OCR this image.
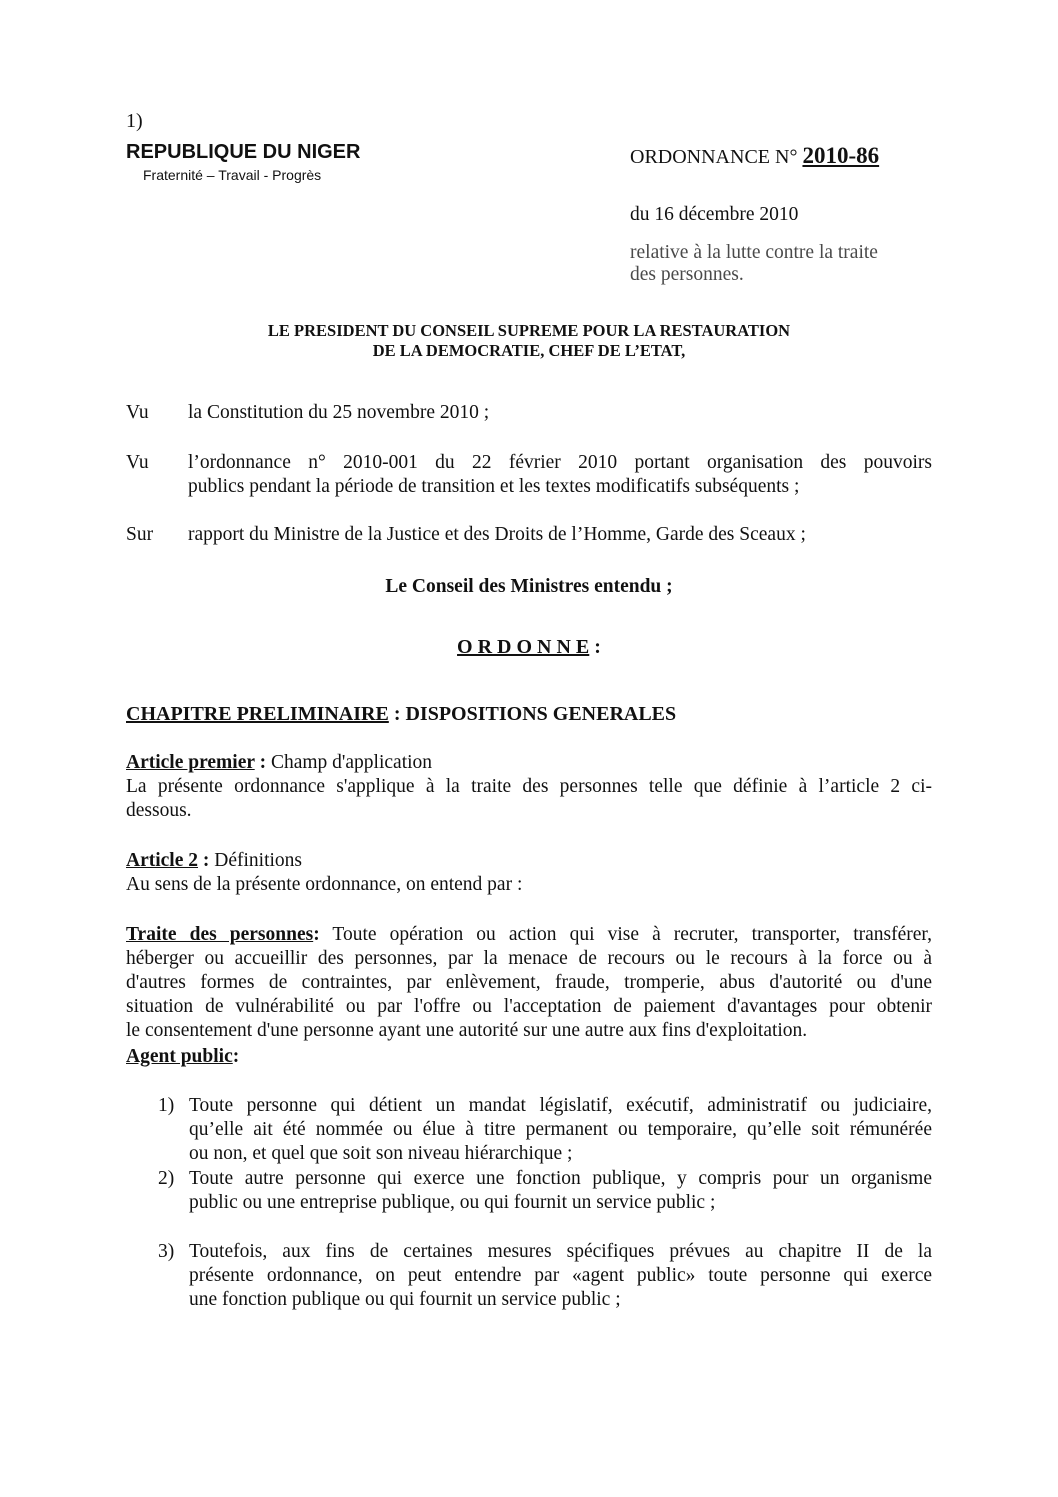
1)
REPUBLIQUE DU NIGER
Fraternité – Travail - Progrès
ORDONNANCE N° 2010-86
du 16 décembre 2010
relative à la lutte contre la traite
des personnes.
LE PRESIDENT DU CONSEIL SUPREME POUR LA RESTAURATION
DE LA DEMOCRATIE, CHEF DE L’ETAT,
Vu la Constitution du 25 novembre 2010 ;
Vu l’ordonnance n° 2010-001 du 22 février 2010 portant organisation des pouvoirs
publics pendant la période de transition et les textes modificatifs subséquents ;
Sur rapport du Ministre de la Justice et des Droits de l’Homme, Garde des Sceaux ;
Le Conseil des Ministres entendu ;
O R D O N N E :
CHAPITRE PRELIMINAIRE : DISPOSITIONS GENERALES
Article premier : Champ d'application
La présente ordonnance s'applique à la traite des personnes telle que définie à l’article 2 ci-
dessous.
Article 2 : Définitions
Au sens de la présente ordonnance, on entend par :
Traite des personnes: Toute opération ou action qui vise à recruter, transporter, transférer,
héberger ou accueillir des personnes, par la menace de recours ou le recours à la force ou à
d'autres formes de contraintes, par enlèvement, fraude, tromperie, abus d'autorité ou d'une
situation de vulnérabilité ou par l'offre ou l'acceptation de paiement d'avantages pour obtenir
le consentement d'une personne ayant une autorité sur une autre aux fins d'exploitation.
Agent public:
1) Toute personne qui détient un mandat législatif, exécutif, administratif ou judiciaire,
qu’elle ait été nommée ou élue à titre permanent ou temporaire, qu’elle soit rémunérée
ou non, et quel que soit son niveau hiérarchique ;
2) Toute autre personne qui exerce une fonction publique, y compris pour un organisme
public ou une entreprise publique, ou qui fournit un service public ;
3) Toutefois, aux fins de certaines mesures spécifiques prévues au chapitre II de la
présente ordonnance, on peut entendre par «agent public» toute personne qui exerce
une fonction publique ou qui fournit un service public ;
